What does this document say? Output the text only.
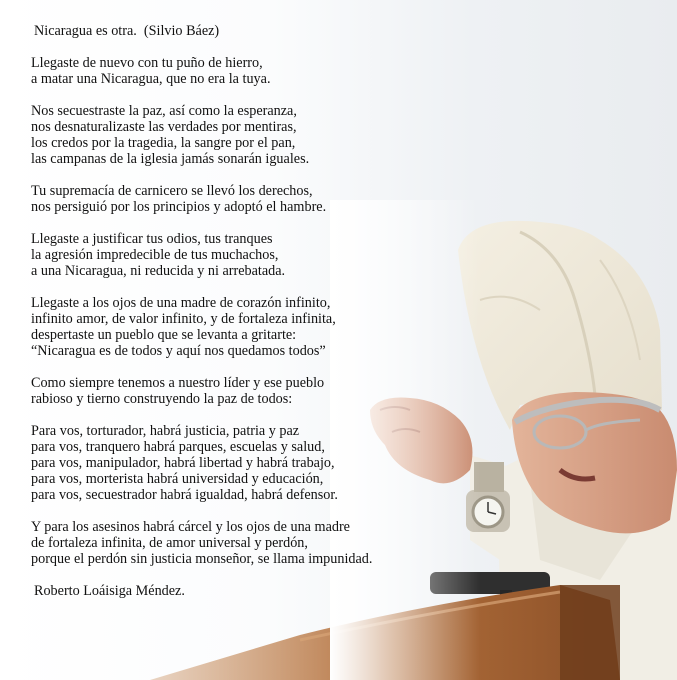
Nicaragua es otra.  (Silvio Báez)
Llegaste de nuevo con tu puño de hierro,
a matar una Nicaragua, que no era la tuya.
Nos secuestraste la paz, así como la esperanza,
nos desnaturalizaste las verdades por mentiras,
los credos por la tragedia, la sangre por el pan,
las campanas de la iglesia jamás sonarán iguales.
Tu supremacía de carnicero se llevó los derechos,
nos persiguió por los principios y adoptó el hambre.
Llegaste a justificar tus odios, tus tranques
la agresión impredecible de tus muchachos,
a una Nicaragua, ni reducida y ni arrebatada.
Llegaste a los ojos de una madre de corazón infinito,
infinito amor, de valor infinito, y de fortaleza infinita,
despertaste un pueblo que se levanta a gritarte:
“Nicaragua es de todos y aquí nos quedamos todos”
Como siempre tenemos a nuestro líder y ese pueblo
rabioso y tierno construyendo la paz de todos:
Para vos, torturador, habrá justicia, patria y paz
para vos, tranquero habrá parques, escuelas y salud,
para vos, manipulador, habrá libertad y habrá trabajo,
para vos, morterista habrá universidad y educación,
para vos, secuestrador habrá igualdad, habrá defensor.
Y para los asesinos habrá cárcel y los ojos de una madre
de fortaleza infinita, de amor universal y perdón,
porque el perdón sin justicia monseñor, se llama impunidad.
Roberto Loáisiga Méndez.
